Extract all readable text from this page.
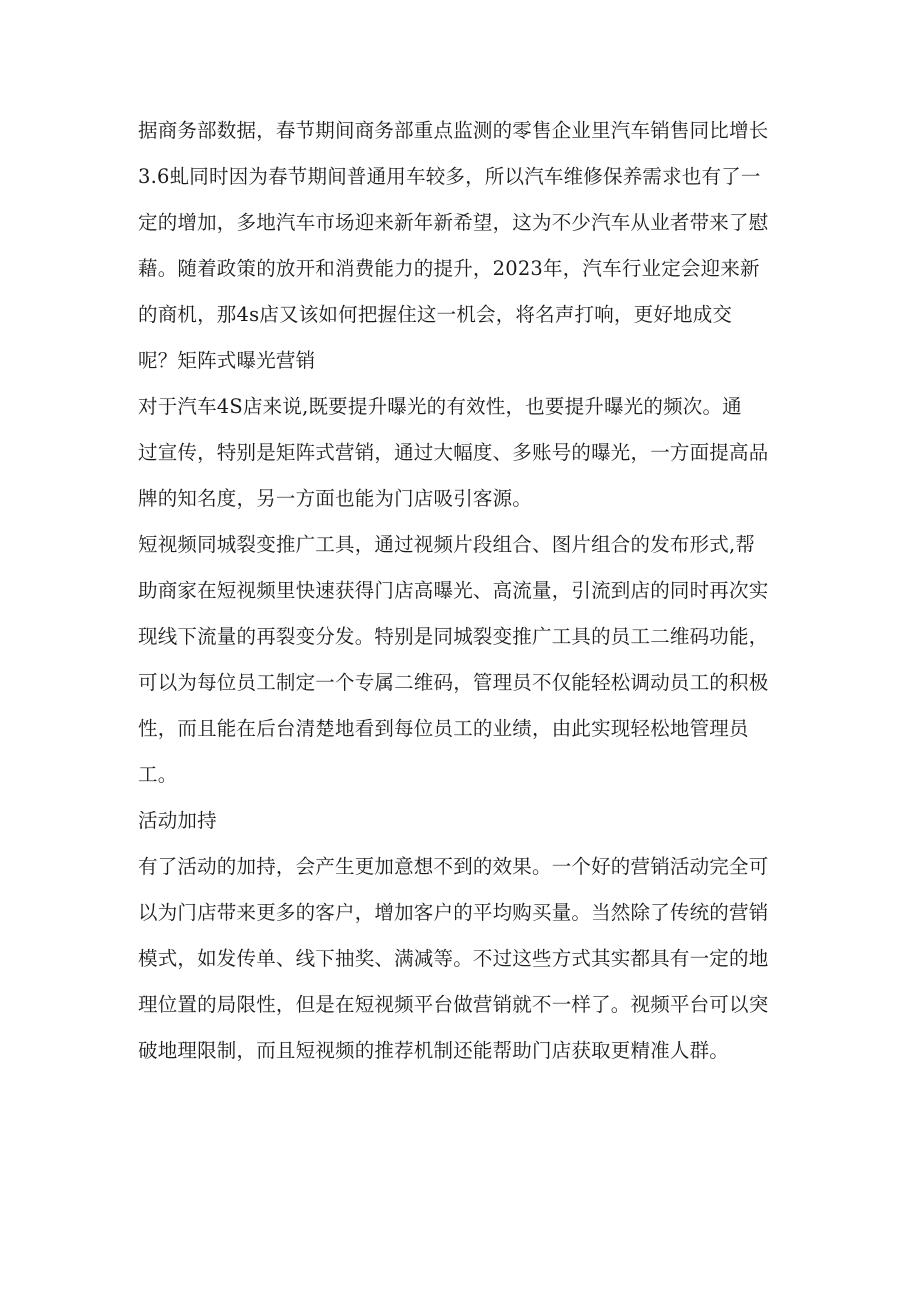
据商务部数据，春节期间商务部重点监测的零售企业里汽车销售同比增长
3.6虬同时因为春节期间普通用车较多，所以汽车维修保养需求也有了一
定的增加，多地汽车市场迎来新年新希望，这为不少汽车从业者带来了慰
藉。随着政策的放开和消费能力的提升，2023年，汽车行业定会迎来新
的商机，那4s店又该如何把握住这一机会，将名声打响，更好地成交
呢？矩阵式曝光营销
对于汽车4S店来说,既要提升曝光的有效性，也要提升曝光的频次。通
过宣传，特别是矩阵式营销，通过大幅度、多账号的曝光，一方面提高品
牌的知名度，另一方面也能为门店吸引客源。
短视频同城裂变推广工具，通过视频片段组合、图片组合的发布形式,帮
助商家在短视频里快速获得门店高曝光、高流量，引流到店的同时再次实
现线下流量的再裂变分发。特别是同城裂变推广工具的员工二维码功能，
可以为每位员工制定一个专属二维码，管理员不仅能轻松调动员工的积极
性，而且能在后台清楚地看到每位员工的业绩，由此实现轻松地管理员
工。
活动加持
有了活动的加持，会产生更加意想不到的效果。一个好的营销活动完全可
以为门店带来更多的客户，增加客户的平均购买量。当然除了传统的营销
模式，如发传单、线下抽奖、满减等。不过这些方式其实都具有一定的地
理位置的局限性，但是在短视频平台做营销就不一样了。视频平台可以突
破地理限制，而且短视频的推荐机制还能帮助门店获取更精准人群。
